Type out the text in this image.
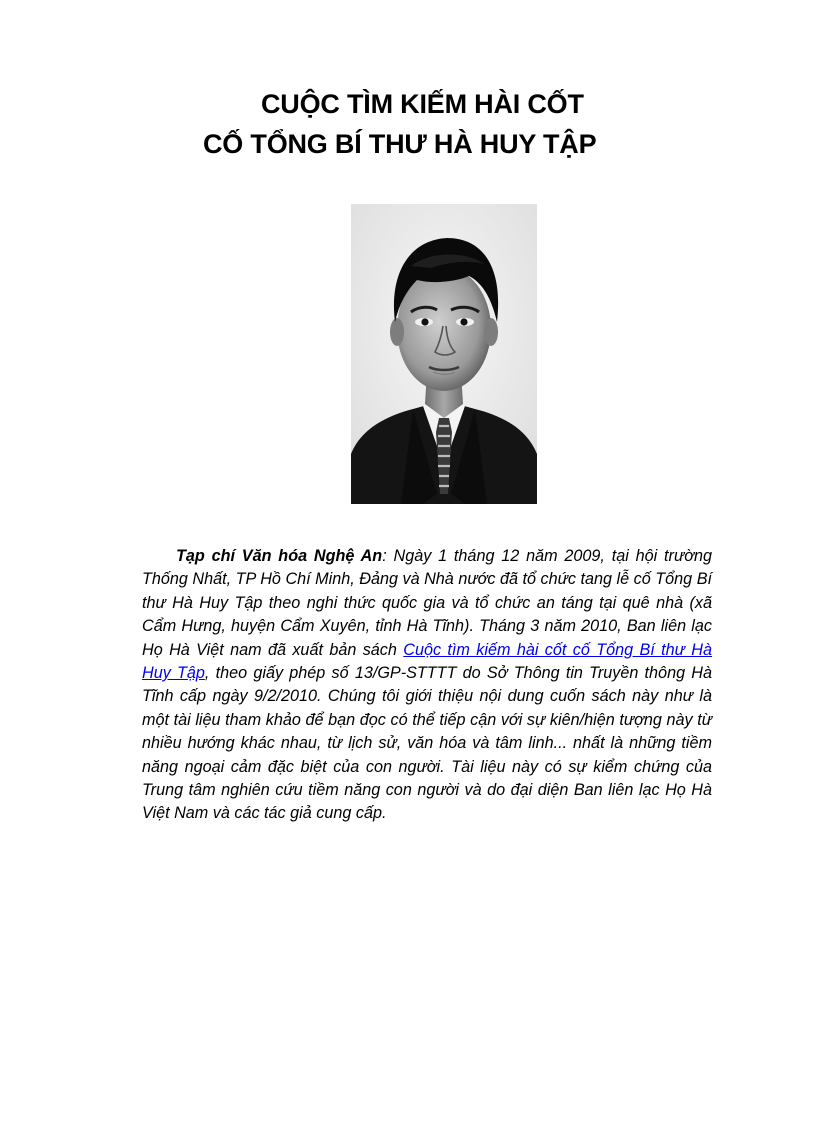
CUỘC TÌM KIẾM HÀI CỐT
CỐ TỔNG BÍ THƯ HÀ HUY TẬP

Tạp chí Văn hóa Nghệ An: Ngày 1 tháng 12 năm 2009, tại hội trường Thống Nhất, TP Hồ Chí Minh, Đảng và Nhà nước đã tổ chức tang lễ cố Tổng Bí thư Hà Huy Tập theo nghi thức quốc gia và tổ chức an táng tại quê nhà (xã Cẩm Hưng, huyện Cẩm Xuyên, tỉnh Hà Tĩnh). Tháng 3 năm 2010, Ban liên lạc Họ Hà Việt nam đã xuất bản sách Cuộc tìm kiếm hài cốt cố Tổng Bí thư Hà Huy Tập, theo giấy phép số 13/GP-STTTT do Sở Thông tin Truyền thông Hà Tĩnh cấp ngày 9/2/2010. Chúng tôi giới thiệu nội dung cuốn sách này như là một tài liệu tham khảo để bạn đọc có thể tiếp cận với sự kiên/hiện tượng này từ nhiều hướng khác nhau, từ lịch sử, văn hóa và tâm linh... nhất là những tiềm năng ngoại cảm đặc biệt của con người. Tài liệu này có sự kiểm chứng của Trung tâm nghiên cứu tiềm năng con người và do đại diện Ban liên lạc Họ Hà Việt Nam và các tác giả cung cấp.
